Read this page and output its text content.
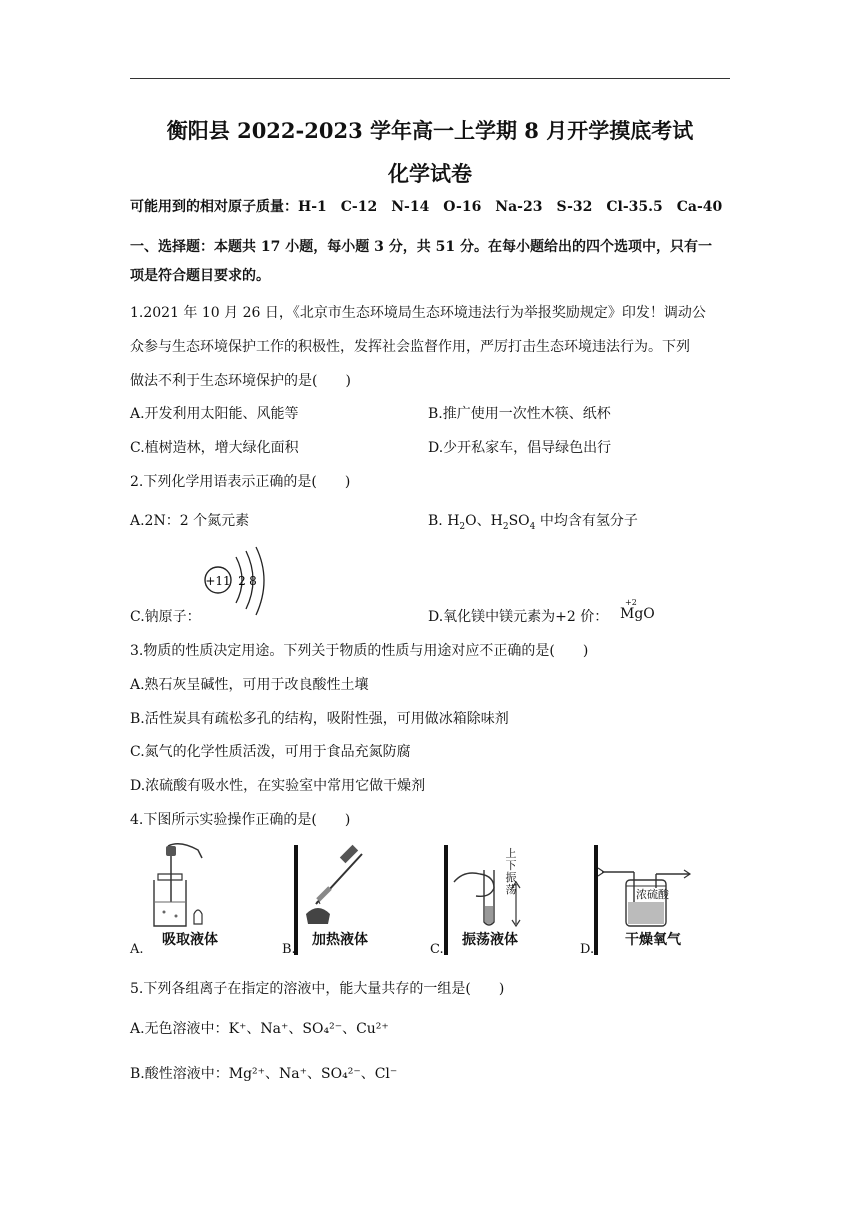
衡阳县 2022-2023 学年高一上学期 8 月开学摸底考试
化学试卷
可能用到的相对原子质量：H-1　C-12　N-14　O-16　Na-23　S-32　Cl-35.5　Ca-40
一、选择题：本题共 17 小题，每小题 3 分，共 51 分。在每小题给出的四个选项中，只有一
项是符合题目要求的。
1.2021 年 10 月 26 日，《北京市生态环境局生态环境违法行为举报奖励规定》印发！调动公
众参与生态环境保护工作的积极性，发挥社会监督作用，严厉打击生态环境违法行为。下列
做法不利于生态环境保护的是(　　)
A.开发利用太阳能、风能等	B.推广使用一次性木筷、纸杯
C.植树造林，增大绿化面积	D.少开私家车，倡导绿色出行
2.下列化学用语表示正确的是(　　)
A.2N：2 个氮元素	B. $H_2O$、$H_2SO_4$ 中均含有氢分子
C.钠原子：
+11 2 8
D.氧化镁中镁元素为+2 价：
+2
MgO
3.物质的性质决定用途。下列关于物质的性质与用途对应不正确的是(　　)
A.熟石灰呈碱性，可用于改良酸性土壤
B.活性炭具有疏松多孔的结构，吸附性强，可用做冰箱除味剂
C.氮气的化学性质活泼，可用于食品充氮防腐
D.浓硫酸有吸水性，在实验室中常用它做干燥剂
4.下图所示实验操作正确的是(　　)
A.
吸取液体
B.
加热液体
上下振荡
C.
振荡液体
浓硫酸
D.
干燥氧气
5.下列各组离子在指定的溶液中，能大量共存的一组是(　　)
A.无色溶液中：K⁺、Na⁺、SO₄²⁻、Cu²⁺
B.酸性溶液中：Mg²⁺、Na⁺、SO₄²⁻、Cl⁻
